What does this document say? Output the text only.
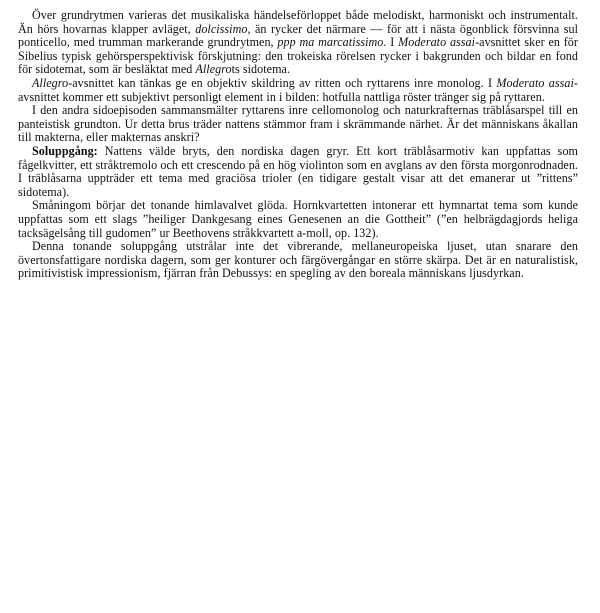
Över grundrytmen varieras det musikaliska händelseförloppet både melodiskt, harmoniskt och instrumentalt. Än hörs hovarnas klapper avläget, dolcissimo, än rycker det närmare — för att i nästa ögonblick försvinna sul ponticello, med trumman markerande grundrytmen, ppp ma marcatissimo. I Moderato assai-avsnittet sker en för Sibelius typisk gehörsperspektivisk förskjutning: den trokeiska rörelsen rycker i bakgrunden och bildar en fond för sidotemat, som är besläktat med Allegrots sidotema.

Allegro-avsnittet kan tänkas ge en objektiv skildring av ritten och ryttarens inre monolog. I Moderato assai-avsnittet kommer ett subjektivt personligt element in i bilden: hotfulla nattliga röster tränger sig på ryttaren.

I den andra sidoepisoden sammansmälter ryttarens inre cellomonolog och naturkrafternas träblåsarspel till en panteistisk grundton. Ur detta brus träder nattens stämmor fram i skrämmande närhet. Är det människans åkallan till makterna, eller makternas anskri?

Soluppgång: Nattens välde bryts, den nordiska dagen gryr. Ett kort träblåsarmotiv kan uppfattas som fågelkvitter, ett stråktremolo och ett crescendo på en hög violinton som en avglans av den första morgonrodnaden. I träblåsarna uppträder ett tema med graciösa trioler (en tidigare gestalt visar att det emanerar ut ”rittens” sidotema).

Småningom börjar det tonande himlavalvet glöda. Hornkvartetten intonerar ett hymnartat tema som kunde uppfattas som ett slags ”heiliger Dankgesang eines Genesenen an die Gottheit” (”en helbrägdagjords heliga tacksägelsång till gudomen” ur Beethovens stråkkvartett a-moll, op. 132).

Denna tonande soluppgång utstrålar inte det vibrerande, mellaneuropeiska ljuset, utan snarare den övertonsfattigare nordiska dagern, som ger konturer och färgövergångar en större skärpa. Det är en naturalistisk, primitivistisk impressionism, fjärran från Debussys: en spegling av den boreala människans ljusdyrkan.
